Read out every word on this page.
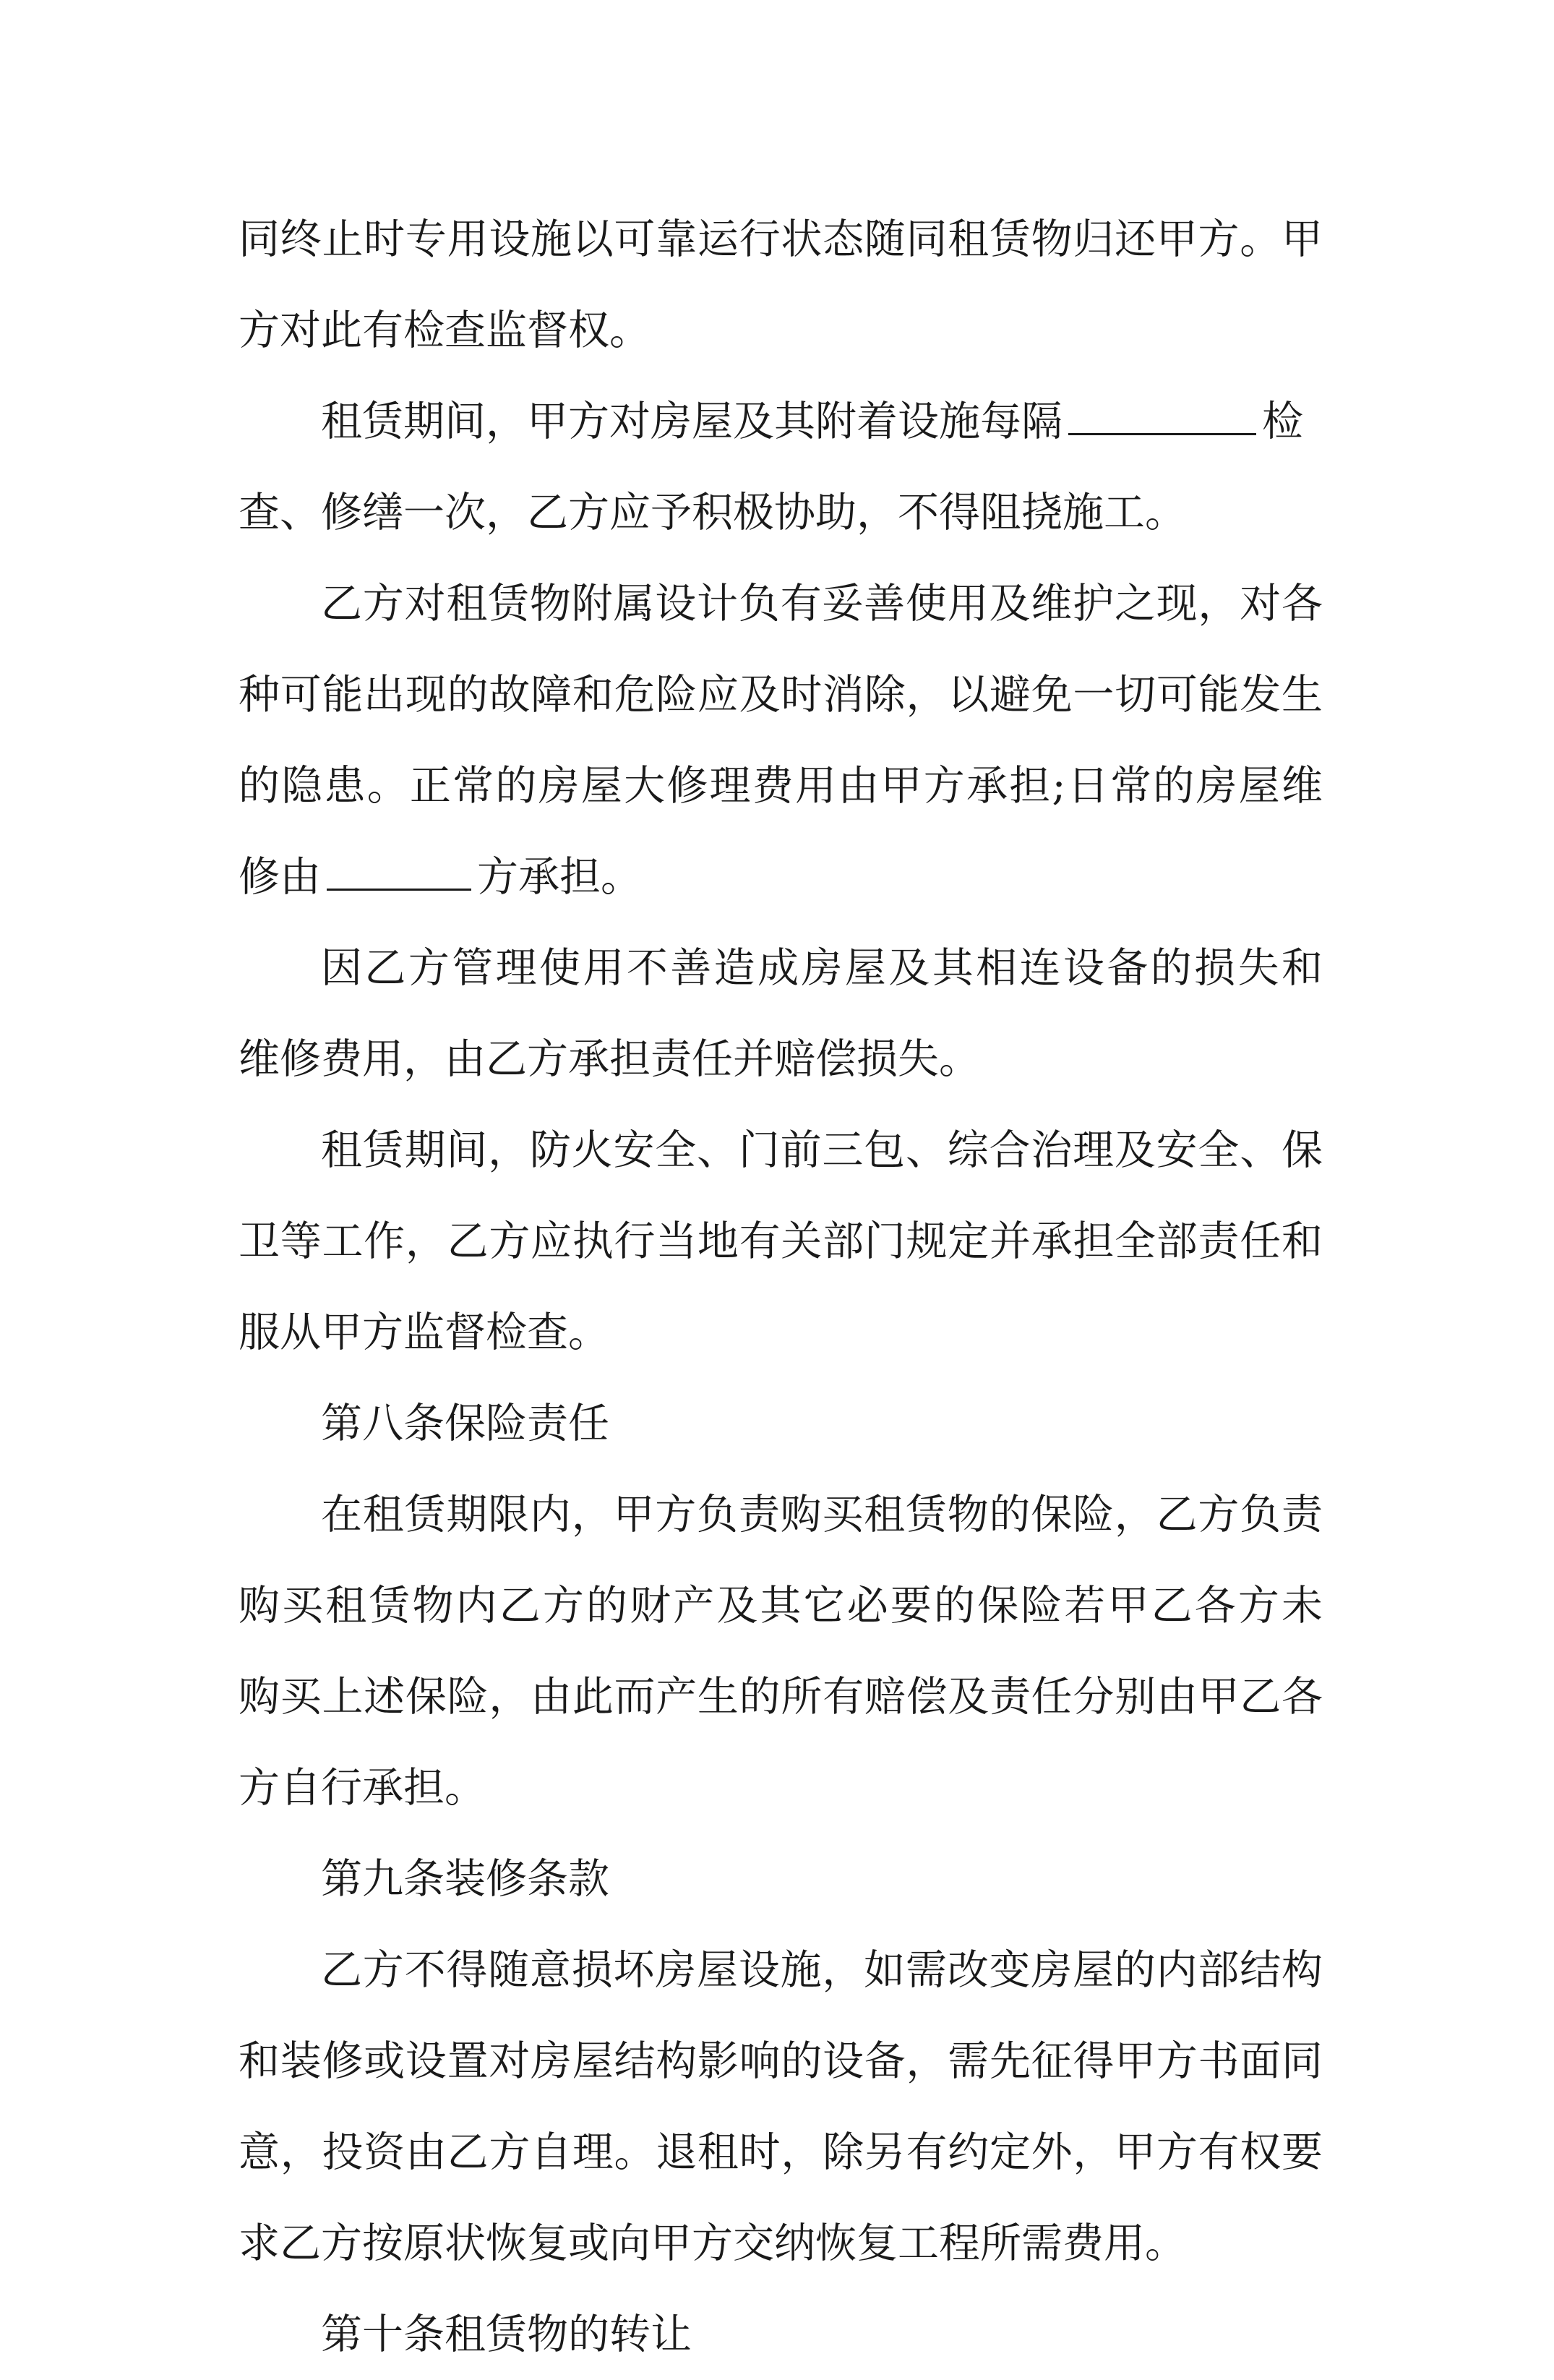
同终止时专用设施以可靠运行状态随同租赁物归还甲方。甲
方对此有检查监督权。
租赁期间，甲方对房屋及其附着设施每隔	检
查、修缮一次，乙方应予积极协助，不得阻挠施工。
乙方对租赁物附属设计负有妥善使用及维护之现，对各
种可能出现的故障和危险应及时消除，以避免一切可能发生
的隐患。正常的房屋大修理费用由甲方承担;日常的房屋维
修由	方承担。
因乙方管理使用不善造成房屋及其相连设备的损失和
维修费用，由乙方承担责任并赔偿损失。
租赁期间，防火安全、门前三包、综合治理及安全、保
卫等工作，乙方应执行当地有关部门规定并承担全部责任和
服从甲方监督检查。
第八条保险责任
在租赁期限内，甲方负责购买租赁物的保险，乙方负责
购买租赁物内乙方的财产及其它必要的保险若甲乙各方未
购买上述保险，由此而产生的所有赔偿及责任分别由甲乙各
方自行承担。
第九条装修条款
乙方不得随意损坏房屋设施，如需改变房屋的内部结构
和装修或设置对房屋结构影响的设备，需先征得甲方书面同
意，投资由乙方自理。退租时，除另有约定外，甲方有权要
求乙方按原状恢复或向甲方交纳恢复工程所需费用。
第十条租赁物的转让
